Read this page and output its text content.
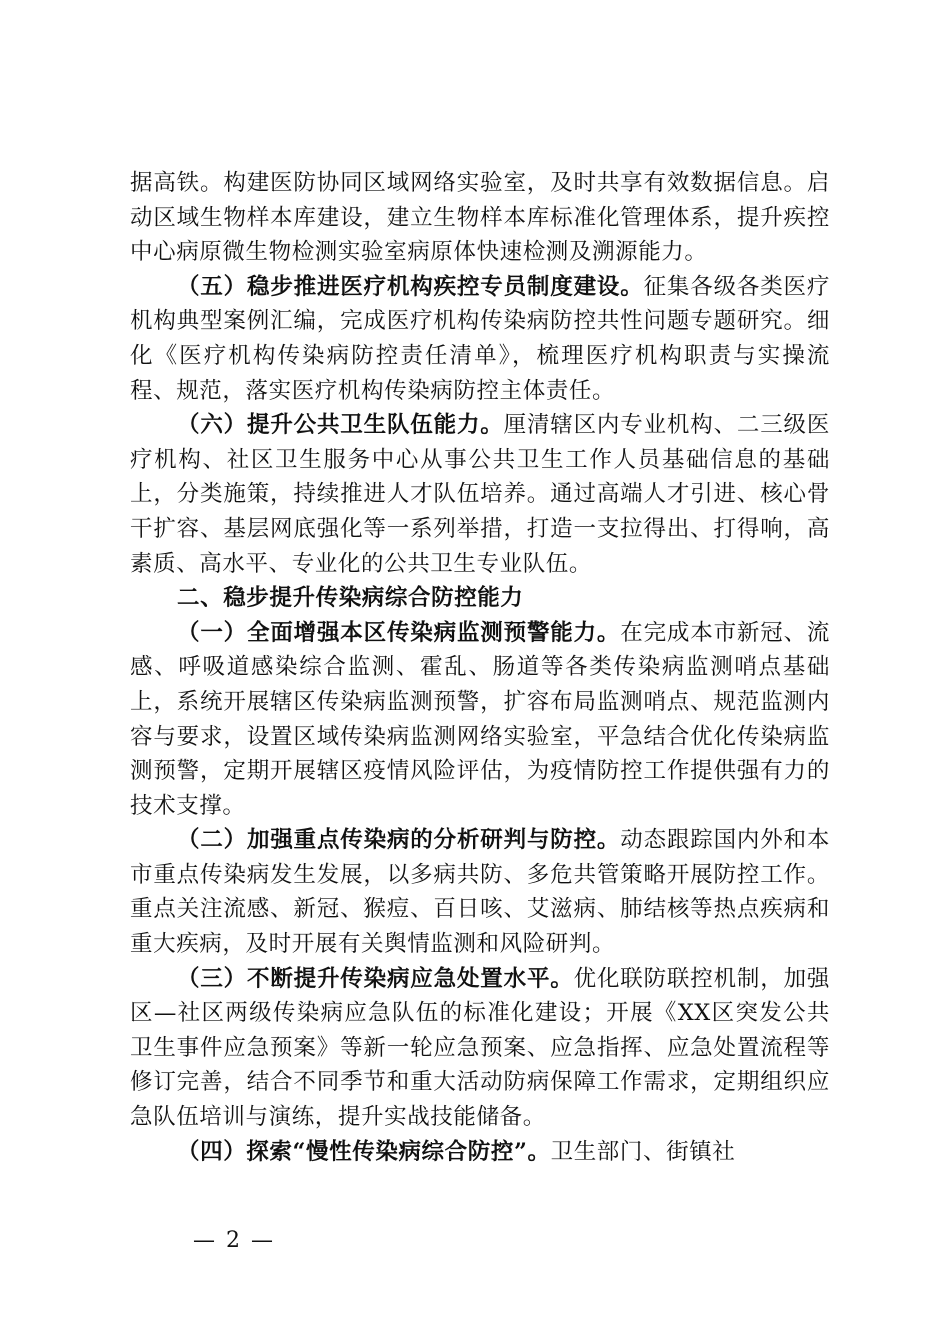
据高铁。构建医防协同区域网络实验室，及时共享有效数据信息。启动区域生物样本库建设，建立生物样本库标准化管理体系，提升疾控中心病原微生物检测实验室病原体快速检测及溯源能力。

（五）稳步推进医疗机构疾控专员制度建设。征集各级各类医疗机构典型案例汇编，完成医疗机构传染病防控共性问题专题研究。细化《医疗机构传染病防控责任清单》，梳理医疗机构职责与实操流程、规范，落实医疗机构传染病防控主体责任。

（六）提升公共卫生队伍能力。厘清辖区内专业机构、二三级医疗机构、社区卫生服务中心从事公共卫生工作人员基础信息的基础上，分类施策，持续推进人才队伍培养。通过高端人才引进、核心骨干扩容、基层网底强化等一系列举措，打造一支拉得出、打得响，高素质、高水平、专业化的公共卫生专业队伍。

二、稳步提升传染病综合防控能力

（一）全面增强本区传染病监测预警能力。在完成本市新冠、流感、呼吸道感染综合监测、霍乱、肠道等各类传染病监测哨点基础上，系统开展辖区传染病监测预警，扩容布局监测哨点、规范监测内容与要求，设置区域传染病监测网络实验室，平急结合优化传染病监测预警，定期开展辖区疫情风险评估，为疫情防控工作提供强有力的技术支撑。

（二）加强重点传染病的分析研判与防控。动态跟踪国内外和本市重点传染病发生发展，以多病共防、多危共管策略开展防控工作。重点关注流感、新冠、猴痘、百日咳、艾滋病、肺结核等热点疾病和重大疾病，及时开展有关舆情监测和风险研判。

（三）不断提升传染病应急处置水平。优化联防联控机制，加强区—社区两级传染病应急队伍的标准化建设；开展《XX区突发公共卫生事件应急预案》等新一轮应急预案、应急指挥、应急处置流程等修订完善，结合不同季节和重大活动防病保障工作需求，定期组织应急队伍培训与演练，提升实战技能储备。

（四）探索“慢性传染病综合防控”。卫生部门、街镇社

— 2 —
